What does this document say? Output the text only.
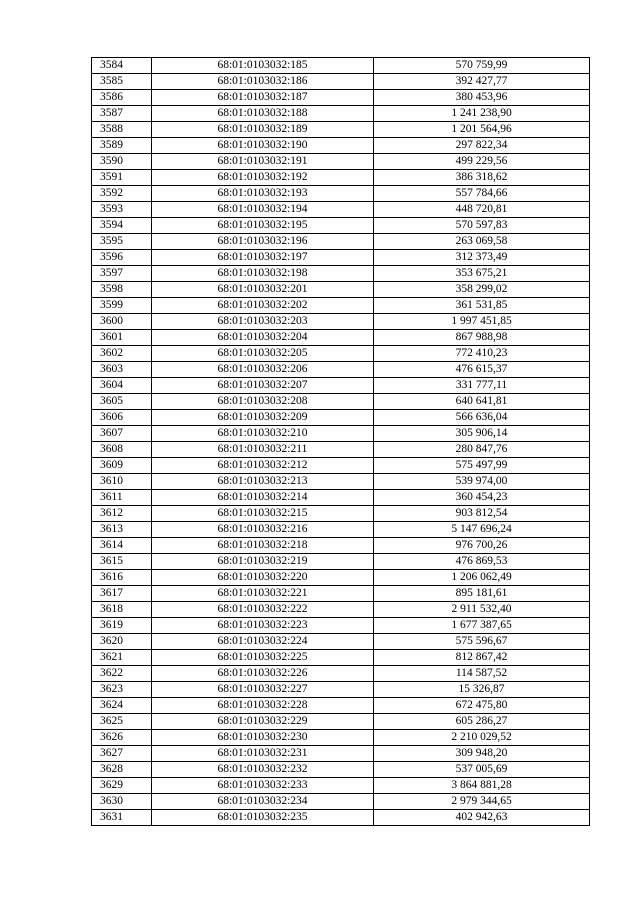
3584	68:01:0103032:185	570 759,99
3585	68:01:0103032:186	392 427,77
3586	68:01:0103032:187	380 453,96
3587	68:01:0103032:188	1 241 238,90
3588	68:01:0103032:189	1 201 564,96
3589	68:01:0103032:190	297 822,34
3590	68:01:0103032:191	499 229,56
3591	68:01:0103032:192	386 318,62
3592	68:01:0103032:193	557 784,66
3593	68:01:0103032:194	448 720,81
3594	68:01:0103032:195	570 597,83
3595	68:01:0103032:196	263 069,58
3596	68:01:0103032:197	312 373,49
3597	68:01:0103032:198	353 675,21
3598	68:01:0103032:201	358 299,02
3599	68:01:0103032:202	361 531,85
3600	68:01:0103032:203	1 997 451,85
3601	68:01:0103032:204	867 988,98
3602	68:01:0103032:205	772 410,23
3603	68:01:0103032:206	476 615,37
3604	68:01:0103032:207	331 777,11
3605	68:01:0103032:208	640 641,81
3606	68:01:0103032:209	566 636,04
3607	68:01:0103032:210	305 906,14
3608	68:01:0103032:211	280 847,76
3609	68:01:0103032:212	575 497,99
3610	68:01:0103032:213	539 974,00
3611	68:01:0103032:214	360 454,23
3612	68:01:0103032:215	903 812,54
3613	68:01:0103032:216	5 147 696,24
3614	68:01:0103032:218	976 700,26
3615	68:01:0103032:219	476 869,53
3616	68:01:0103032:220	1 206 062,49
3617	68:01:0103032:221	895 181,61
3618	68:01:0103032:222	2 911 532,40
3619	68:01:0103032:223	1 677 387,65
3620	68:01:0103032:224	575 596,67
3621	68:01:0103032:225	812 867,42
3622	68:01:0103032:226	114 587,52
3623	68:01:0103032:227	15 326,87
3624	68:01:0103032:228	672 475,80
3625	68:01:0103032:229	605 286,27
3626	68:01:0103032:230	2 210 029,52
3627	68:01:0103032:231	309 948,20
3628	68:01:0103032:232	537 005,69
3629	68:01:0103032:233	3 864 881,28
3630	68:01:0103032:234	2 979 344,65
3631	68:01:0103032:235	402 942,63
